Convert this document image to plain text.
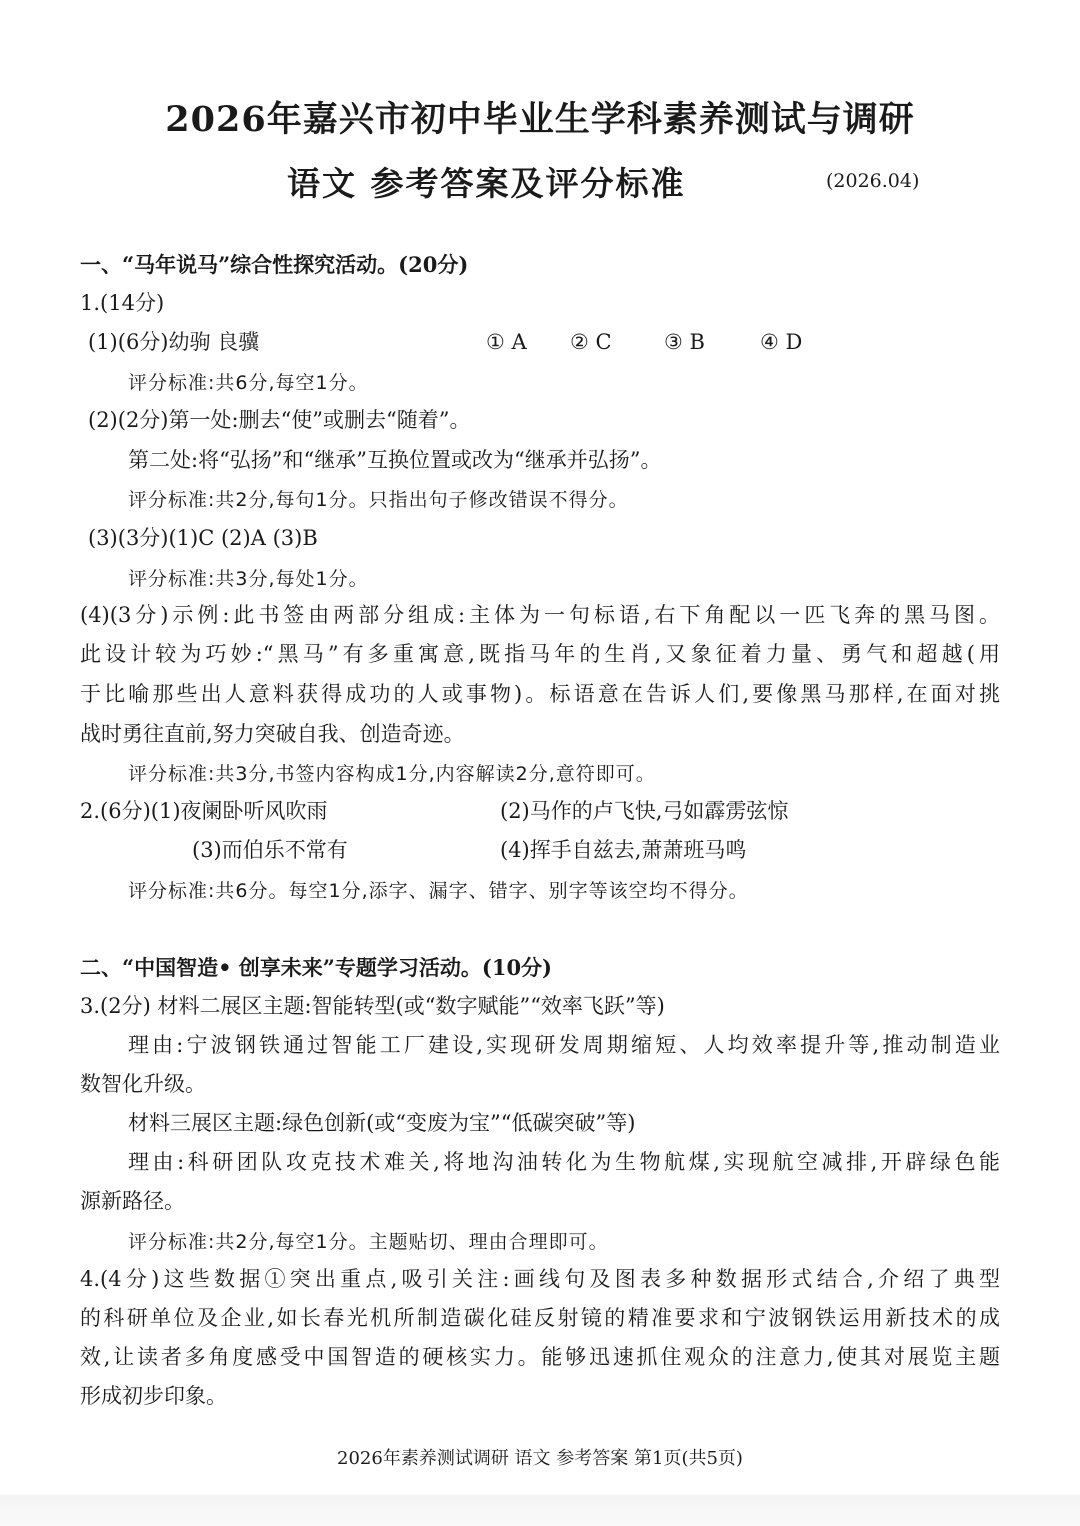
2026年嘉兴市初中毕业生学科素养测试与调研
语文 参考答案及评分标准	(2026.04)
一、“马年说马”综合性探究活动。(20分)
1.(14分)
(1)(6分)幼驹 良骥	① A	② C	③ B	④ D
评分标准:共6分,每空1分。
(2)(2分)第一处:删去“使”或删去“随着”。
第二处:将“弘扬”和“继承”互换位置或改为“继承并弘扬”。
评分标准:共2分,每句1分。只指出句子修改错误不得分。
(3)(3分)(1)C (2)A (3)B
评分标准:共3分,每处1分。
(4)(3分)示例:此书签由两部分组成:主体为一句标语,右下角配以一匹飞奔的黑马图。
此设计较为巧妙:“黑马”有多重寓意,既指马年的生肖,又象征着力量、勇气和超越(用
于比喻那些出人意料获得成功的人或事物)。标语意在告诉人们,要像黑马那样,在面对挑
战时勇往直前,努力突破自我、创造奇迹。
评分标准:共3分,书签内容构成1分,内容解读2分,意符即可。
2.(6分)(1)夜阑卧听风吹雨	(2)马作的卢飞快,弓如霹雳弦惊
(3)而伯乐不常有	(4)挥手自兹去,萧萧班马鸣
评分标准:共6分。每空1分,添字、漏字、错字、别字等该空均不得分。
二、“中国智造• 创享未来”专题学习活动。(10分)
3.(2分) 材料二展区主题:智能转型(或“数字赋能”“效率飞跃”等)
理由:宁波钢铁通过智能工厂建设,实现研发周期缩短、人均效率提升等,推动制造业
数智化升级。
材料三展区主题:绿色创新(或“变废为宝”“低碳突破”等)
理由:科研团队攻克技术难关,将地沟油转化为生物航煤,实现航空减排,开辟绿色能
源新路径。
评分标准:共2分,每空1分。主题贴切、理由合理即可。
4.(4分)这些数据①突出重点,吸引关注:画线句及图表多种数据形式结合,介绍了典型
的科研单位及企业,如长春光机所制造碳化硅反射镜的精准要求和宁波钢铁运用新技术的成
效,让读者多角度感受中国智造的硬核实力。能够迅速抓住观众的注意力,使其对展览主题
形成初步印象。
2026年素养测试调研 语文 参考答案 第1页(共5页)
